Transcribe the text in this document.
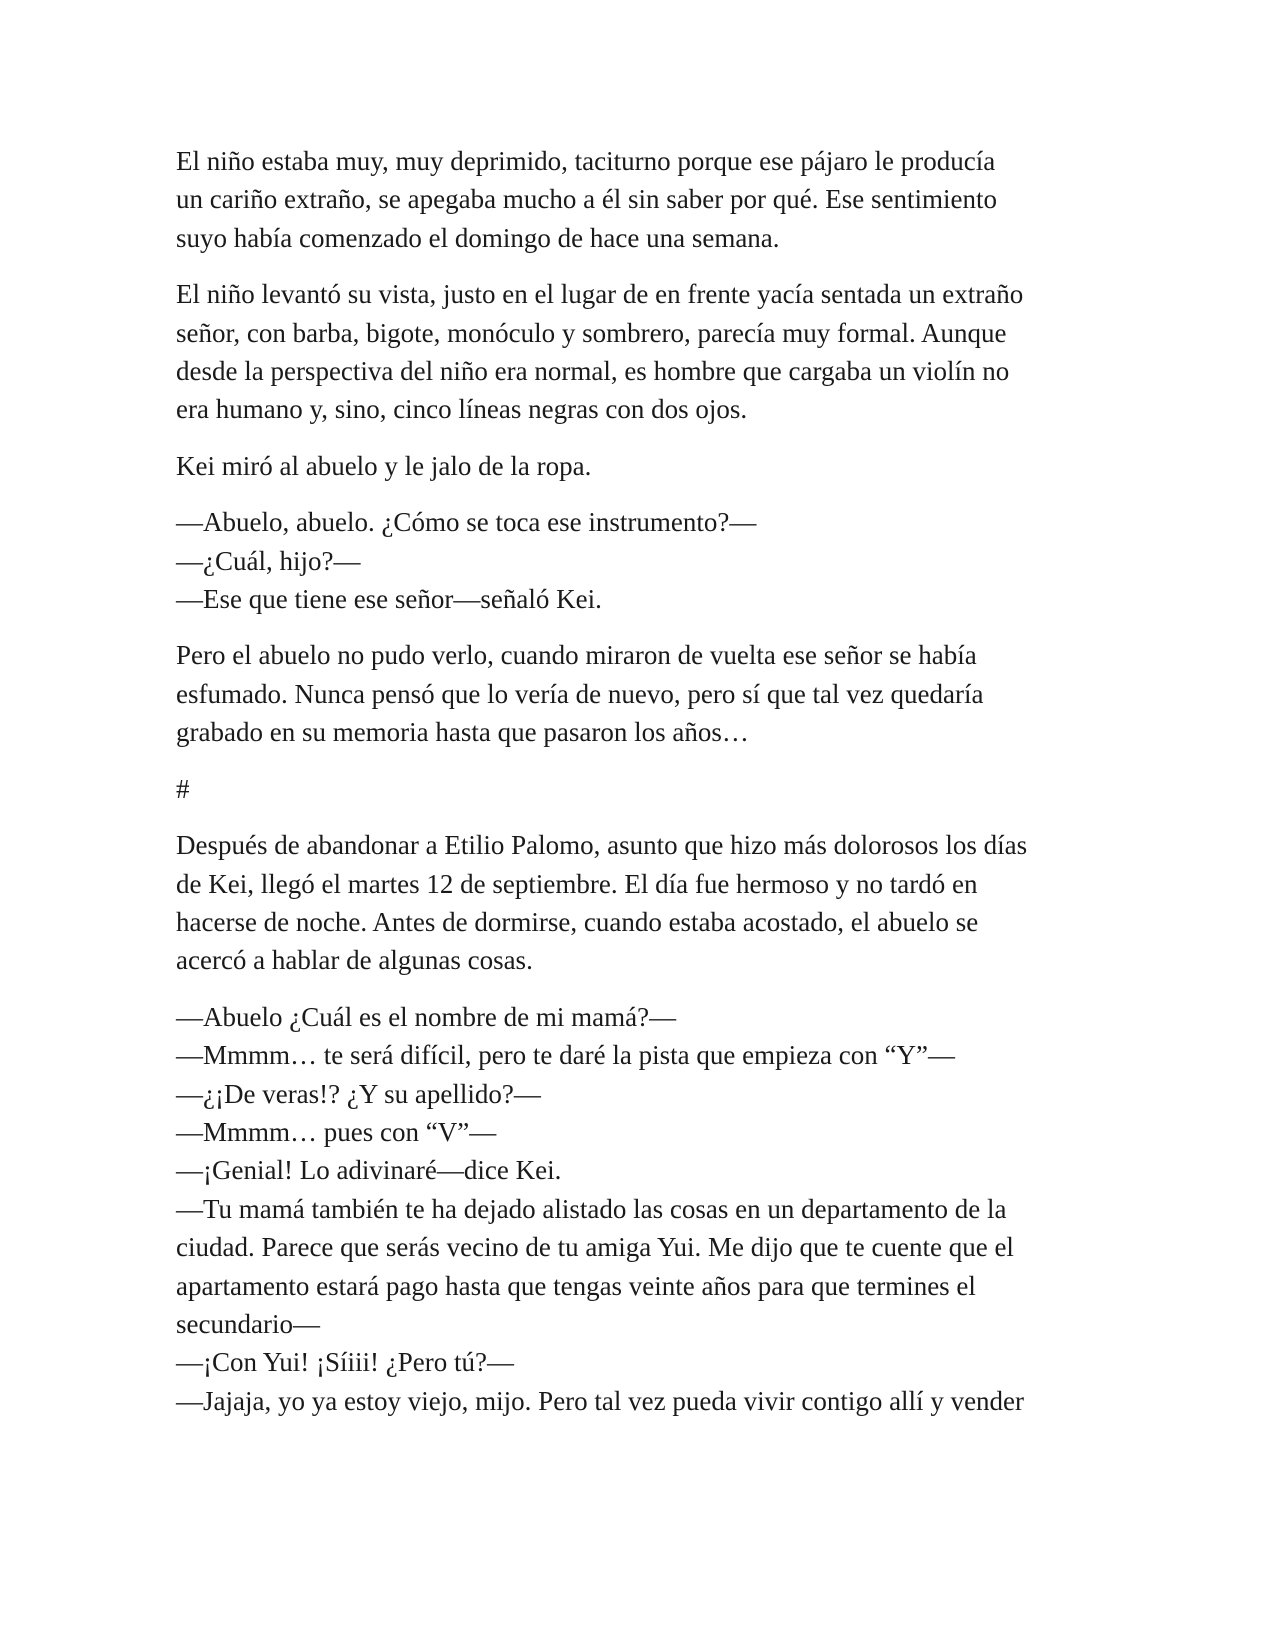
El niño estaba muy, muy deprimido, taciturno porque ese pájaro le producía
un cariño extraño, se apegaba mucho a él sin saber por qué. Ese sentimiento
suyo había comenzado el domingo de hace una semana.

El niño levantó su vista, justo en el lugar de en frente yacía sentada un extraño
señor, con barba, bigote, monóculo y sombrero, parecía muy formal. Aunque
desde la perspectiva del niño era normal, es hombre que cargaba un violín no
era humano y, sino, cinco líneas negras con dos ojos.

Kei miró al abuelo y le jalo de la ropa.

—Abuelo, abuelo. ¿Cómo se toca ese instrumento?—
—¿Cuál, hijo?—
—Ese que tiene ese señor—señaló Kei.

Pero el abuelo no pudo verlo, cuando miraron de vuelta ese señor se había
esfumado. Nunca pensó que lo vería de nuevo, pero sí que tal vez quedaría
grabado en su memoria hasta que pasaron los años…

#

Después de abandonar a Etilio Palomo, asunto que hizo más dolorosos los días
de Kei, llegó el martes 12 de septiembre. El día fue hermoso y no tardó en
hacerse de noche. Antes de dormirse, cuando estaba acostado, el abuelo se
acercó a hablar de algunas cosas.

—Abuelo ¿Cuál es el nombre de mi mamá?—
—Mmmm… te será difícil, pero te daré la pista que empieza con “Y”—
—¿¡De veras!? ¿Y su apellido?—
—Mmmm… pues con “V”—
—¡Genial! Lo adivinaré—dice Kei.
—Tu mamá también te ha dejado alistado las cosas en un departamento de la
ciudad. Parece que serás vecino de tu amiga Yui. Me dijo que te cuente que el
apartamento estará pago hasta que tengas veinte años para que termines el
secundario—
—¡Con Yui! ¡Síiii! ¿Pero tú?—
—Jajaja, yo ya estoy viejo, mijo. Pero tal vez pueda vivir contigo allí y vender
